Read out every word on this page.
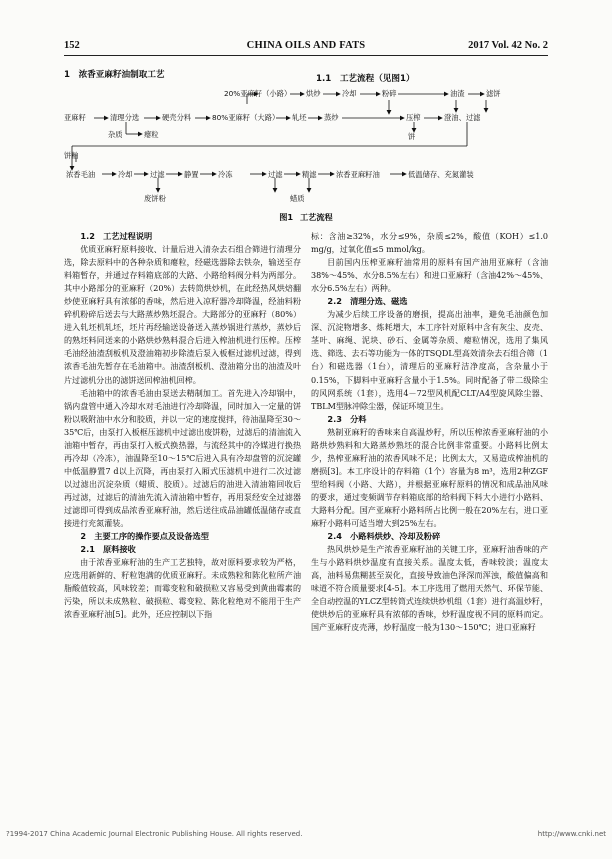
152	CHINA OILS AND FATS	2017 Vol. 42 No. 2
1　浓香亚麻籽油制取工艺	1.1　工艺流程（见图1）
20%亚麻籽（小路） 烘炒	冷却	粉碎	油渣	滤饼
亚麻籽	清理分选	硬壳分料	80%亚麻籽（大路） 轧坯 蒸炒	压榨	澄油、过滤
杂质	瘪粒	饼
饼粕
浓香毛油	冷却 过滤	静置	冷冻	过滤	精滤	浓香亚麻籽油	低温储存、充氮灌装
废饼粉	蜡质
图1 工艺流程

1.2　工艺过程说明

优质亚麻籽原料接收、计量后进入清杂去石组合筛进行清理分选，除去原料中的各种杂质和瘪粒，经磁选器除去铁杂，输送至存料箱暂存，并通过存料箱底部的大路、小路给料阀分料为两部分。其中小路部分的亚麻籽（20%）去转筒烘炒机，在此经热风烘焙翻炒使亚麻籽具有浓郁的香味，然后进入凉籽器冷却降温，经油料粉碎机粉碎后送去与大路蒸炒熟坯混合。大路部分的亚麻籽（80%）进入轧坯机轧坯，坯片再经输送设备送入蒸炒锅进行蒸炒，蒸炒后的熟坯料同送来的小路烘炒熟料混合后进入榨油机进行压榨。压榨毛油经油渣刮板机及澄油箱初步除渣后泵入板框过滤机过滤，得到浓香毛油先暂存在毛油箱中。油渣刮板机、澄油箱分出的油渣及叶片过滤机分出的滤饼送回榨油机回榨。

毛油箱中的浓香毛油由泵送去精制加工。首先进入冷却锅中，锅内盘管中通入冷却水对毛油进行冷却降温，同时加入一定量的饼粉以吸附油中水分和胶质，并以一定的速度搅拌，待油温降至30～35℃后，由泵打入板框压滤机中过滤出废饼粉，过滤后的清油流入油箱中暂存，再由泵打入板式换热器，与流经其中的冷媒进行换热再冷却（冷冻），油温降至10～15℃后进入具有冷却盘管的沉淀罐中低温静置7 d以上沉降，再由泵打入厢式压滤机中进行二次过滤以过滤出沉淀杂质（蜡质、胶质）。过滤后的油进入清油箱回收后再过滤，过滤后的清油先流入清油箱中暂存，再用泵经安全过滤器过滤即可得到成品浓香亚麻籽油，然后送往成品油罐低温储存或直接进行充氮灌装。

2　主要工序的操作要点及设备选型

2.1　原料接收

由于浓香亚麻籽油的生产工艺独特，故对原料要求较为严格，应选用新鲜的、籽粒饱满的优质亚麻籽。未成熟粒和陈化粒所产油脂酸值较高，风味较差；而霉变粒和破损粒又容易受到黄曲霉素的污染，所以未成熟粒、破损粒、霉变粒、陈化粒绝对不能用于生产浓香亚麻籽油[5]。此外，还应控制以下指

标：含油≥32%，水分≤9%，杂质≤2%，酸值（KOH）≤1.0 mg/g，过氧化值≤5 mmol/kg。

目前国内压榨亚麻籽油常用的原料有国产油用亚麻籽（含油38%～45%、水分8.5%左右）和进口亚麻籽（含油42%～45%、水分6.5%左右）两种。

2.2　清理分选、磁选

为减少后续工序设备的磨损，提高出油率，避免毛油颜色加深、沉淀物增多、炼耗增大，本工序针对原料中含有灰尘、皮壳、茎叶、麻绳、泥块、砂石、金属等杂质、瘪粒情况，选用了集风选、筛选、去石等功能为一体的TSQDL型高效清杂去石组合筛（1台）和磁选器（1台），清理后的亚麻籽洁净度高，含杂量小于0.15%，下脚料中亚麻籽含量小于1.5%。同时配备了带二级除尘的风网系统（1套），选用4－72型风机配CLT/A4型旋风除尘器、TBLM型脉冲除尘器，保证环境卫生。

2.3　分料

熟制亚麻籽的香味来自高温炒籽，所以压榨浓香亚麻籽油的小路烘炒熟料和大路蒸炒熟坯的混合比例非常重要。小路料比例太少，热榨亚麻籽油的浓香风味不足；比例太大，又易造成榨油机的磨损[3]。本工序设计的存料箱（1个）容量为8 m³，选用2种ZGF型给料阀（小路、大路），并根据亚麻籽原料的情况和成品油风味的要求，通过变频调节存料箱底部的给料阀下料大小进行小路料、大路料分配。国产亚麻籽小路料所占比例一般在20%左右，进口亚麻籽小路料可适当增大到25%左右。

2.4　小路料烘炒、冷却及粉碎

热风烘炒是生产浓香亚麻籽油的关键工序，亚麻籽油香味的产生与小路料烘炒温度有直接关系。温度太低，香味较淡；温度太高，油料易焦糊甚至炭化，直接导致油色泽深而浑浊，酸值偏高和味道不符合质量要求[4-5]。本工序选用了燃用天然气、环保节能、全自动控温的YLCZ型转筒式连续烘炒机组（1套）进行高温炒籽，使烘炒后的亚麻籽具有浓郁的香味，炒籽温度视不同的原料而定。国产亚麻籽皮壳薄，炒籽温度一般为130～150℃；进口亚麻籽

?1994-2017 China Academic Journal Electronic Publishing House. All rights reserved.	http://www.cnki.net
